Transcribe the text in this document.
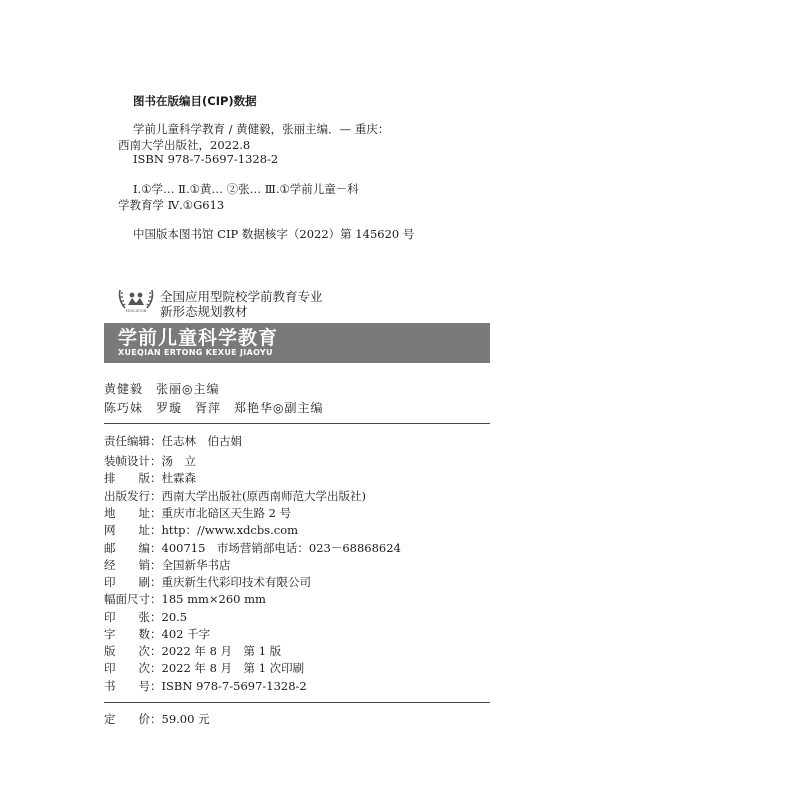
图书在版编目(CIP)数据
学前儿童科学教育 / 黄健毅，张丽主编．— 重庆：
西南大学出版社，2022.8
ISBN 978-7-5697-1328-2
Ⅰ.①学… Ⅱ.①黄… ②张… Ⅲ.①学前儿童－科
学教育学 Ⅳ.①G613
中国版本图书馆 CIP 数据核字（2022）第 145620 号
EDUCATION
全国应用型院校学前教育专业
新形态规划教材
学前儿童科学教育
XUEQIAN ERTONG KEXUE JIAOYU
黄健毅　张丽◎主编
陈巧妹　罗璇　胥萍　郑艳华◎副主编
责任编辑：任志林　伯古娟
装帧设计：汤　立
排　　版：杜霖森
出版发行：西南大学出版社(原西南师范大学出版社)
地　　址：重庆市北碚区天生路 2 号
网　　址：http：//www.xdcbs.com
邮　　编：400715　市场营销部电话：023－68868624
经　　销：全国新华书店
印　　刷：重庆新生代彩印技术有限公司
幅面尺寸：185 mm×260 mm
印　　张：20.5
字　　数：402 千字
版　　次：2022 年 8 月　第 1 版
印　　次：2022 年 8 月　第 1 次印刷
书　　号：ISBN 978-7-5697-1328-2
定　　价：59.00 元
